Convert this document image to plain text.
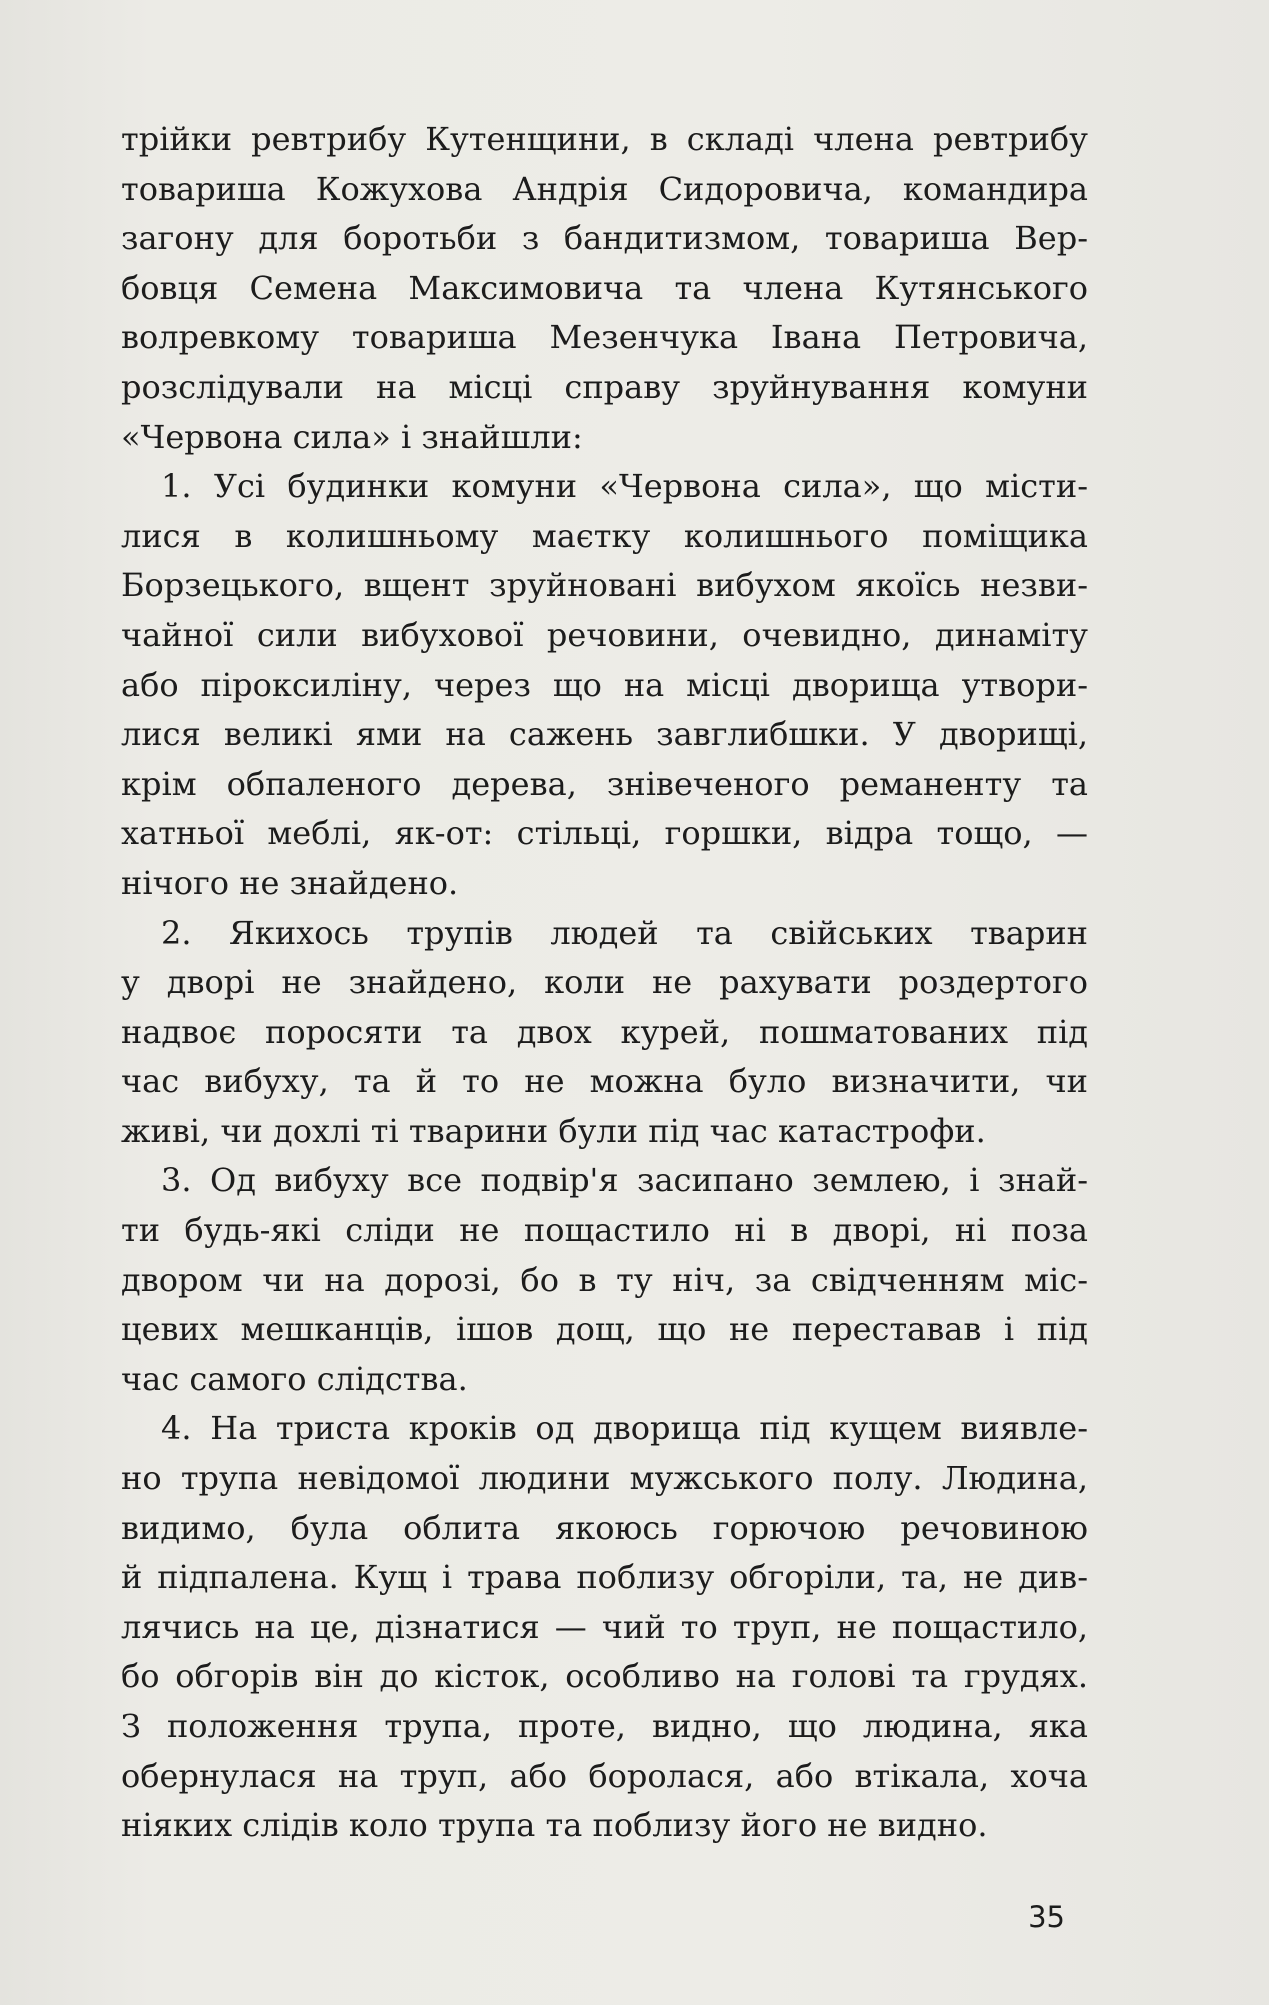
трійки ревтрибу Кутенщини, в складі члена ревтрибу
товариша Кожухова Андрія Сидоровича, командира
загону для боротьби з бандитизмом, товариша Вер-
бовця Семена Максимовича та члена Кутянського
волревкому товариша Мезенчука Івана Петровича,
розслідували на місці справу зруйнування комуни
«Червона сила» і знайшли:
1. Усі будинки комуни «Червона сила», що місти-
лися в колишньому маєтку колишнього поміщика
Борзецького, вщент зруйновані вибухом якоїсь незви-
чайної сили вибухової речовини, очевидно, динаміту
або піроксиліну, через що на місці дворища утвори-
лися великі ями на сажень завглибшки. У дворищі,
крім обпаленого дерева, знівеченого реманенту та
хатньої меблі, як-от: стільці, горшки, відра тощо, —
нічого не знайдено.
2. Якихось трупів людей та свійських тварин
у дворі не знайдено, коли не рахувати роздертого
надвоє поросяти та двох курей, пошматованих під
час вибуху, та й то не можна було визначити, чи
живі, чи дохлі ті тварини були під час катастрофи.
3. Од вибуху все подвір'я засипано землею, і знай-
ти будь-які сліди не пощастило ні в дворі, ні поза
двором чи на дорозі, бо в ту ніч, за свідченням міс-
цевих мешканців, ішов дощ, що не переставав і під
час самого слідства.
4. На триста кроків од дворища під кущем виявле-
но трупа невідомої людини мужського полу. Людина,
видимо, була облита якоюсь горючою речовиною
й підпалена. Кущ і трава поблизу обгоріли, та, не див-
лячись на це, дізнатися — чий то труп, не пощастило,
бо обгорів він до кісток, особливо на голові та грудях.
З положення трупа, проте, видно, що людина, яка
обернулася на труп, або боролася, або втікала, хоча
ніяких слідів коло трупа та поблизу його не видно.
35
